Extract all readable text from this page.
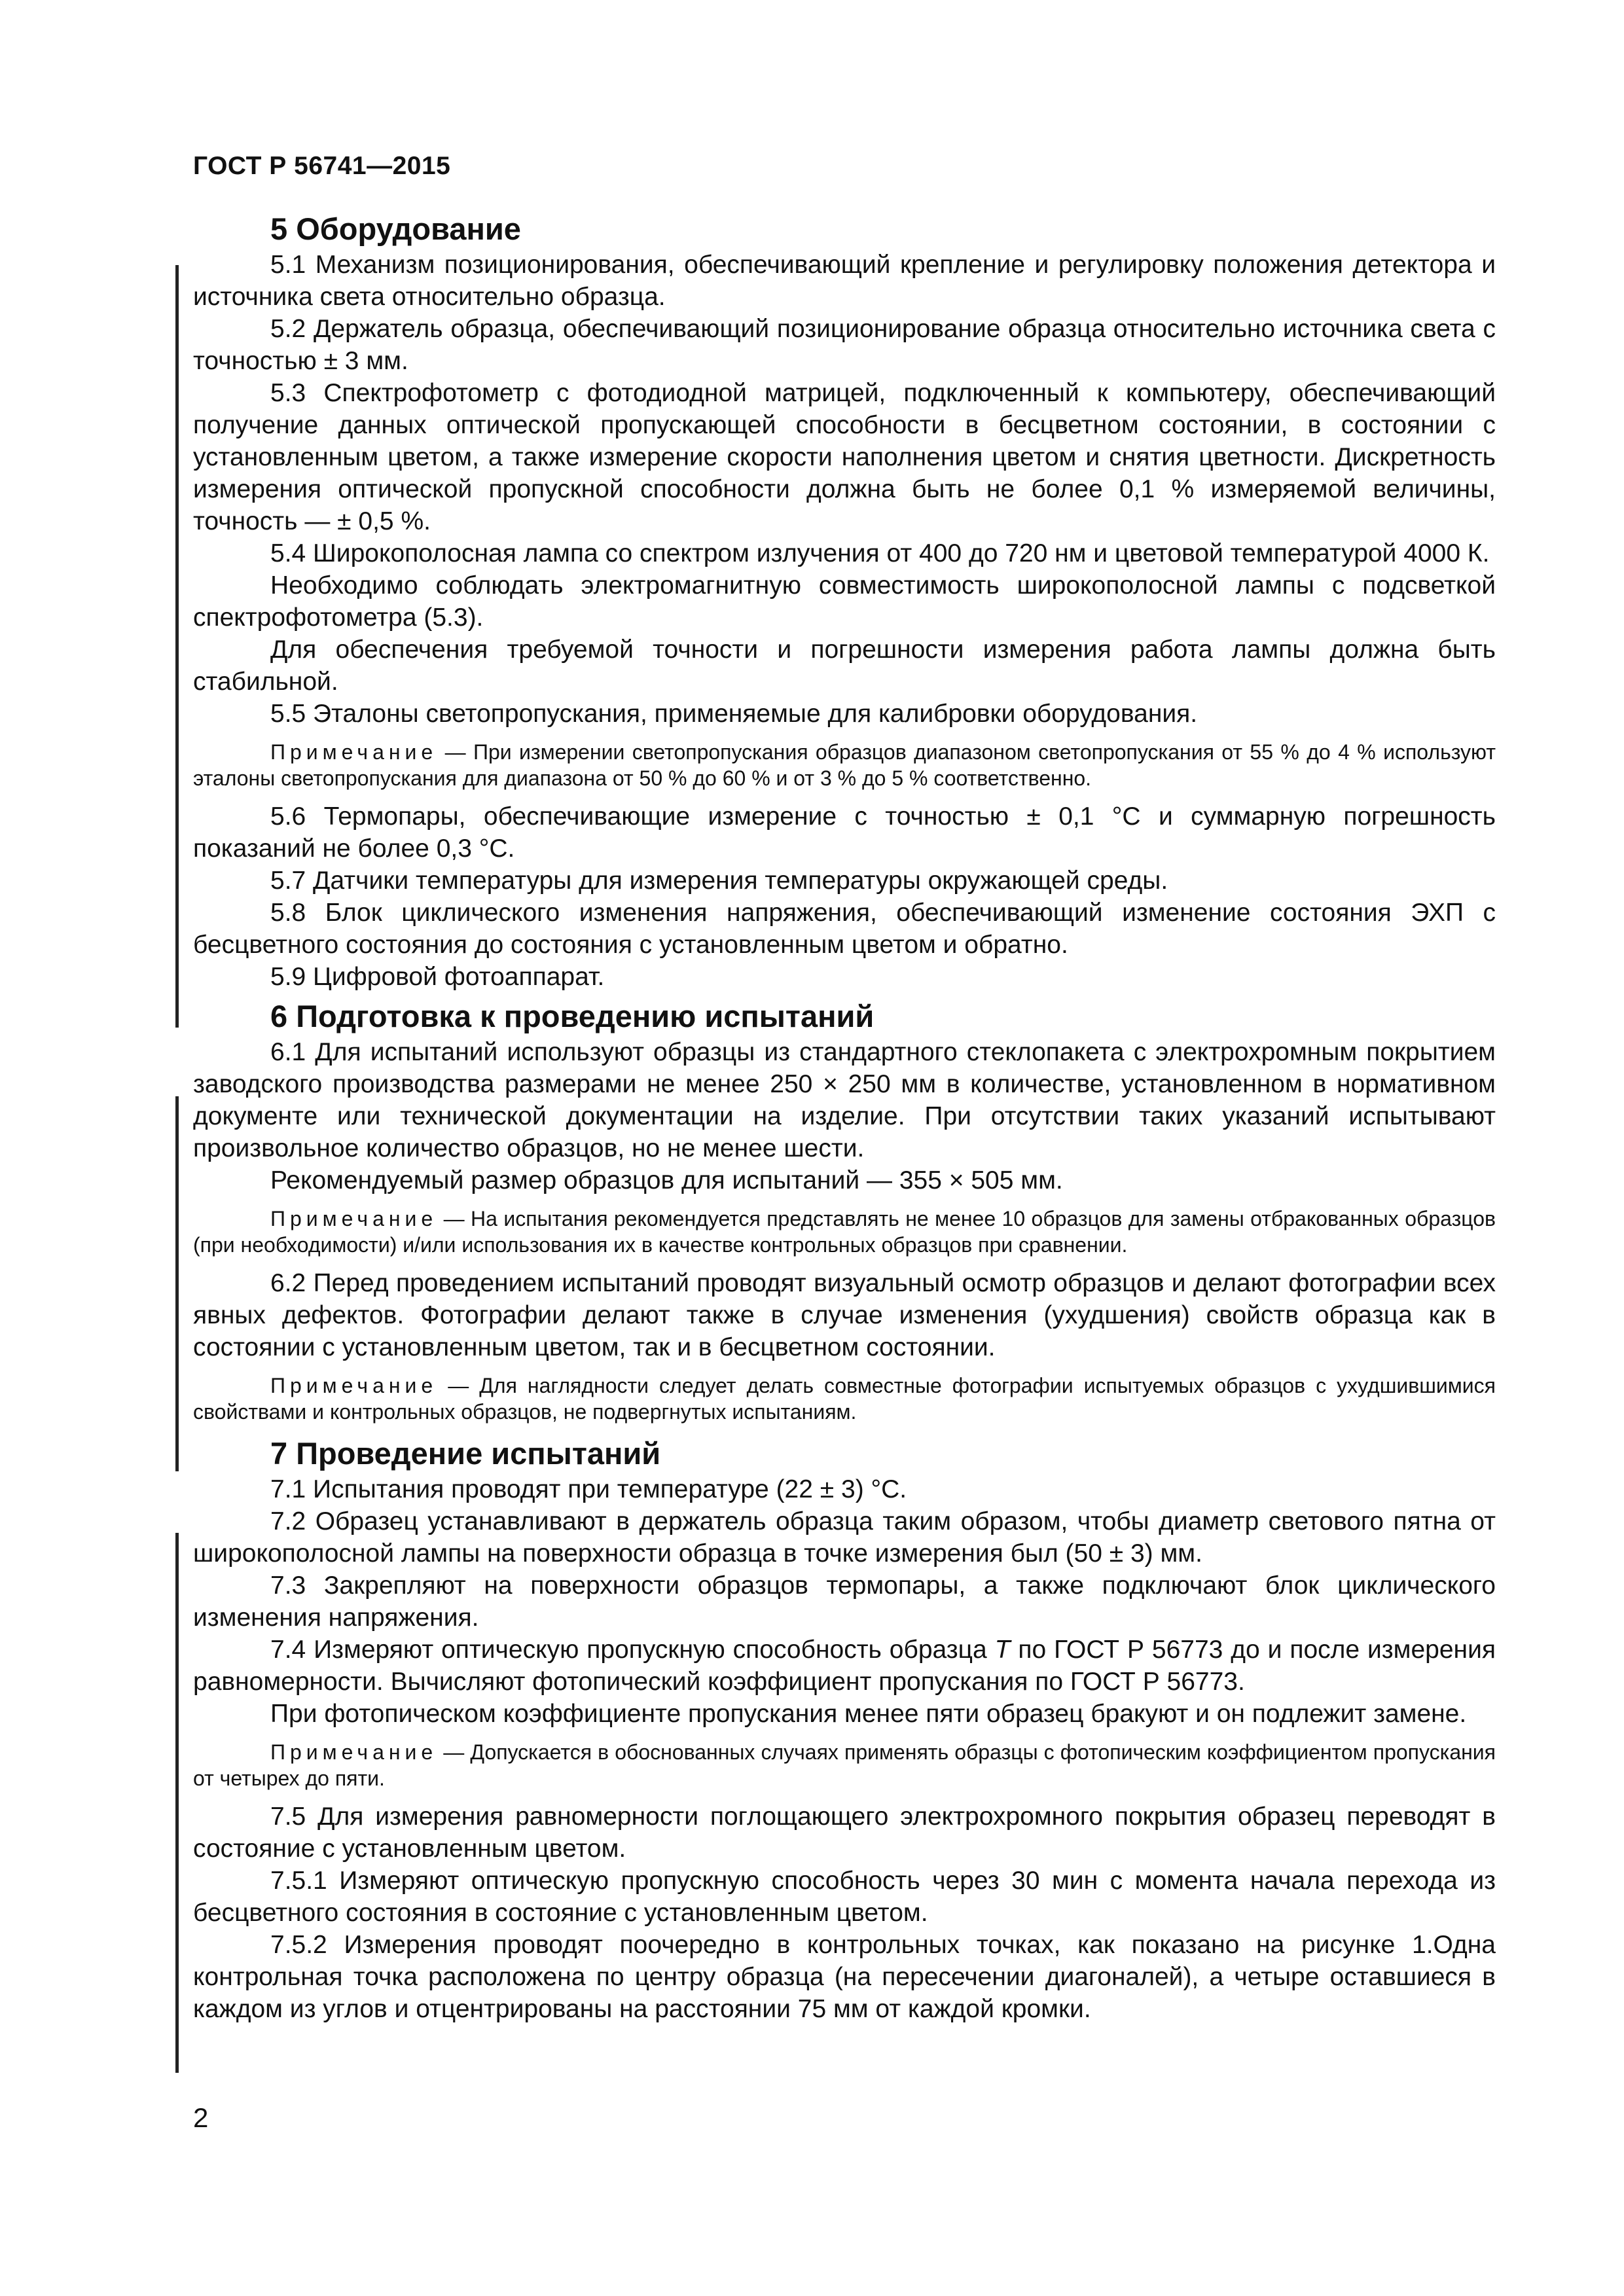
ГОСТ Р 56741—2015
5 Оборудование

5.1 Механизм позиционирования, обеспечивающий крепление и регулировку положения детектора и источника света относительно образца.

5.2 Держатель образца, обеспечивающий позиционирование образца относительно источника света с точностью ± 3 мм.

5.3 Спектрофотометр с фотодиодной матрицей, подключенный к компьютеру, обеспечивающий получение данных оптической пропускающей способности в бесцветном состоянии, в состоянии с установленным цветом, а также измерение скорости наполнения цветом и снятия цветности. Дискретность измерения оптической пропускной способности должна быть не более 0,1 % измеряемой величины, точность — ± 0,5 %.

5.4 Широкополосная лампа со спектром излучения от 400 до 720 нм и цветовой температурой 4000 К.

Необходимо соблюдать электромагнитную совместимость широкополосной лампы с подсветкой спектрофотометра (5.3).

Для обеспечения требуемой точности и погрешности измерения работа лампы должна быть стабильной.

5.5 Эталоны светопропускания, применяемые для калибровки оборудования.

Примечание — При измерении светопропускания образцов диапазоном светопропускания от 55 % до 4 % используют эталоны светопропускания для диапазона от 50 % до 60 % и от 3 % до 5 % соответственно.

5.6 Термопары, обеспечивающие измерение с точностью ± 0,1 °С и суммарную погрешность показаний не более 0,3 °С.

5.7 Датчики температуры для измерения температуры окружающей среды.

5.8 Блок циклического изменения напряжения, обеспечивающий изменение состояния ЭХП с бесцветного состояния до состояния с установленным цветом и обратно.

5.9 Цифровой фотоаппарат.

6 Подготовка к проведению испытаний

6.1 Для испытаний используют образцы из стандартного стеклопакета с электрохромным покрытием заводского производства размерами не менее 250 × 250 мм в количестве, установленном в нормативном документе или технической документации на изделие. При отсутствии таких указаний испытывают произвольное количество образцов, но не менее шести.

Рекомендуемый размер образцов для испытаний — 355 × 505 мм.

Примечание — На испытания рекомендуется представлять не менее 10 образцов для замены отбракованных образцов (при необходимости) и/или использования их в качестве контрольных образцов при сравнении.

6.2 Перед проведением испытаний проводят визуальный осмотр образцов и делают фотографии всех явных дефектов. Фотографии делают также в случае изменения (ухудшения) свойств образца как в состоянии с установленным цветом, так и в бесцветном состоянии.

Примечание — Для наглядности следует делать совместные фотографии испытуемых образцов с ухудшившимися свойствами и контрольных образцов, не подвергнутых испытаниям.

7 Проведение испытаний

7.1 Испытания проводят при температуре (22 ± 3) °С.

7.2 Образец устанавливают в держатель образца таким образом, чтобы диаметр светового пятна от широкополосной лампы на поверхности образца в точке измерения был (50 ± 3) мм.

7.3 Закрепляют на поверхности образцов термопары, а также подключают блок циклического изменения напряжения.

7.4 Измеряют оптическую пропускную способность образца T по ГОСТ Р 56773 до и после измерения равномерности. Вычисляют фотопический коэффициент пропускания по ГОСТ Р 56773.

При фотопическом коэффициенте пропускания менее пяти образец бракуют и он подлежит замене.

Примечание — Допускается в обоснованных случаях применять образцы с фотопическим коэффициентом пропускания от четырех до пяти.

7.5 Для измерения равномерности поглощающего электрохромного покрытия образец переводят в состояние с установленным цветом.

7.5.1 Измеряют оптическую пропускную способность через 30 мин с момента начала перехода из бесцветного состояния в состояние с установленным цветом.

7.5.2 Измерения проводят поочередно в контрольных точках, как показано на рисунке 1.Одна контрольная точка расположена по центру образца (на пересечении диагоналей), а четыре оставшиеся в каждом из углов и отцентрированы на расстоянии 75 мм от каждой кромки.

2
